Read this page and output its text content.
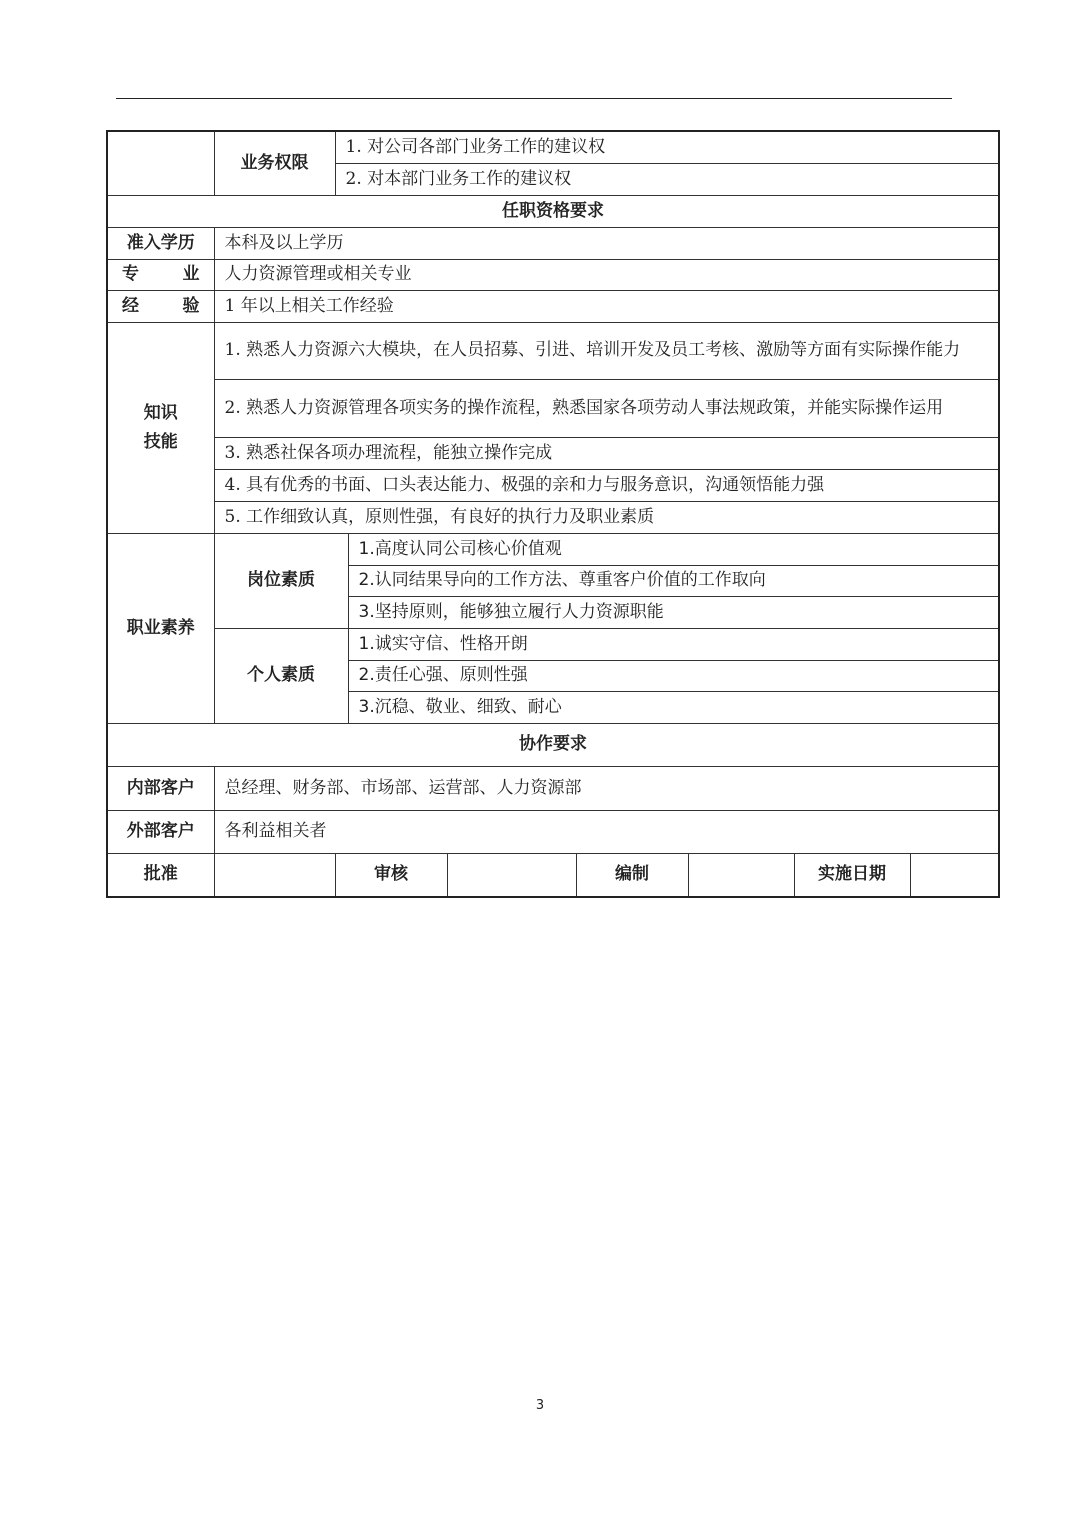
	业务权限	1. 对公司各部门业务工作的建议权						
		2. 对本部门业务工作的建议权						
任职资格要求								
准入学历	本科及以上学历							

专 业	人力资源管理或相关专业							

经 验	1 年以上相关工作经验							

知识
技能	1. 熟悉人力资源六大模块，在人员招募、引进、培训开发及员工考核、激励等方面有实际操作能力							
	2. 熟悉人力资源管理各项实务的操作流程，熟悉国家各项劳动人事法规政策，并能实际操作运用							
	3. 熟悉社保各项办理流程，能独立操作完成							
	4. 具有优秀的书面、口头表达能力、极强的亲和力与服务意识，沟通领悟能力强							
	5. 工作细致认真，原则性强，有良好的执行力及职业素质							
职业素养	岗位素质		1.高度认同公司核心价值观					
			2.认同结果导向的工作方法、尊重客户价值的工作取向					
			3.坚持原则，能够独立履行人力资源职能					
	个人素质		1.诚实守信、性格开朗					
			2.责任心强、原则性强					
			3.沉稳、敬业、细致、耐心					
协作要求								
内部客户	总经理、财务部、市场部、运营部、人力资源部							
外部客户	各利益相关者							
批准		审核			编制		实施日期	
3
